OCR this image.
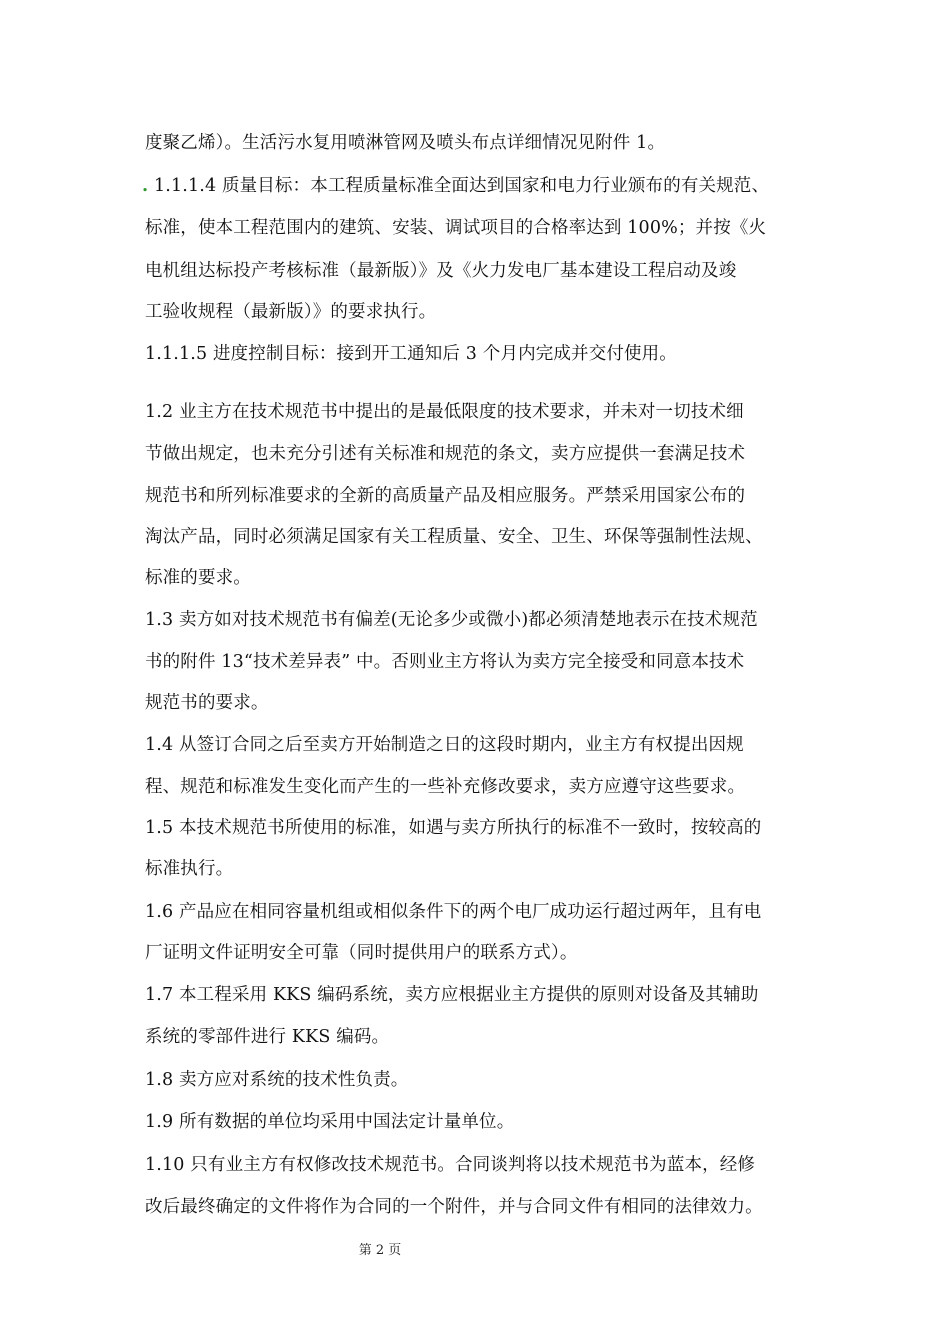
度聚乙烯）。生活污水复用喷淋管网及喷头布点详细情况见附件 1。
. 1.1.1.4 质量目标：本工程质量标准全面达到国家和电力行业颁布的有关规范、
标准，使本工程范围内的建筑、安装、调试项目的合格率达到 100%；并按《火
电机组达标投产考核标准（最新版）》及《火力发电厂基本建设工程启动及竣
工验收规程（最新版）》的要求执行。
1.1.1.5 进度控制目标：接到开工通知后 3 个月内完成并交付使用。
1.2 业主方在技术规范书中提出的是最低限度的技术要求，并未对一切技术细
节做出规定，也未充分引述有关标准和规范的条文，卖方应提供一套满足技术
规范书和所列标准要求的全新的高质量产品及相应服务。严禁采用国家公布的
淘汰产品，同时必须满足国家有关工程质量、安全、卫生、环保等强制性法规、
标准的要求。
1.3 卖方如对技术规范书有偏差(无论多少或微小)都必须清楚地表示在技术规范
书的附件 13“技术差异表” 中。否则业主方将认为卖方完全接受和同意本技术
规范书的要求。
1.4 从签订合同之后至卖方开始制造之日的这段时期内，业主方有权提出因规
程、规范和标准发生变化而产生的一些补充修改要求，卖方应遵守这些要求。
1.5 本技术规范书所使用的标准，如遇与卖方所执行的标准不一致时，按较高的
标准执行。
1.6 产品应在相同容量机组或相似条件下的两个电厂成功运行超过两年，且有电
厂证明文件证明安全可靠（同时提供用户的联系方式）。
1.7 本工程采用 KKS 编码系统，卖方应根据业主方提供的原则对设备及其辅助
系统的零部件进行 KKS 编码。
1.8 卖方应对系统的技术性负责。
1.9 所有数据的单位均采用中国法定计量单位。
1.10 只有业主方有权修改技术规范书。合同谈判将以技术规范书为蓝本，经修
改后最终确定的文件将作为合同的一个附件，并与合同文件有相同的法律效力。
第 2 页
